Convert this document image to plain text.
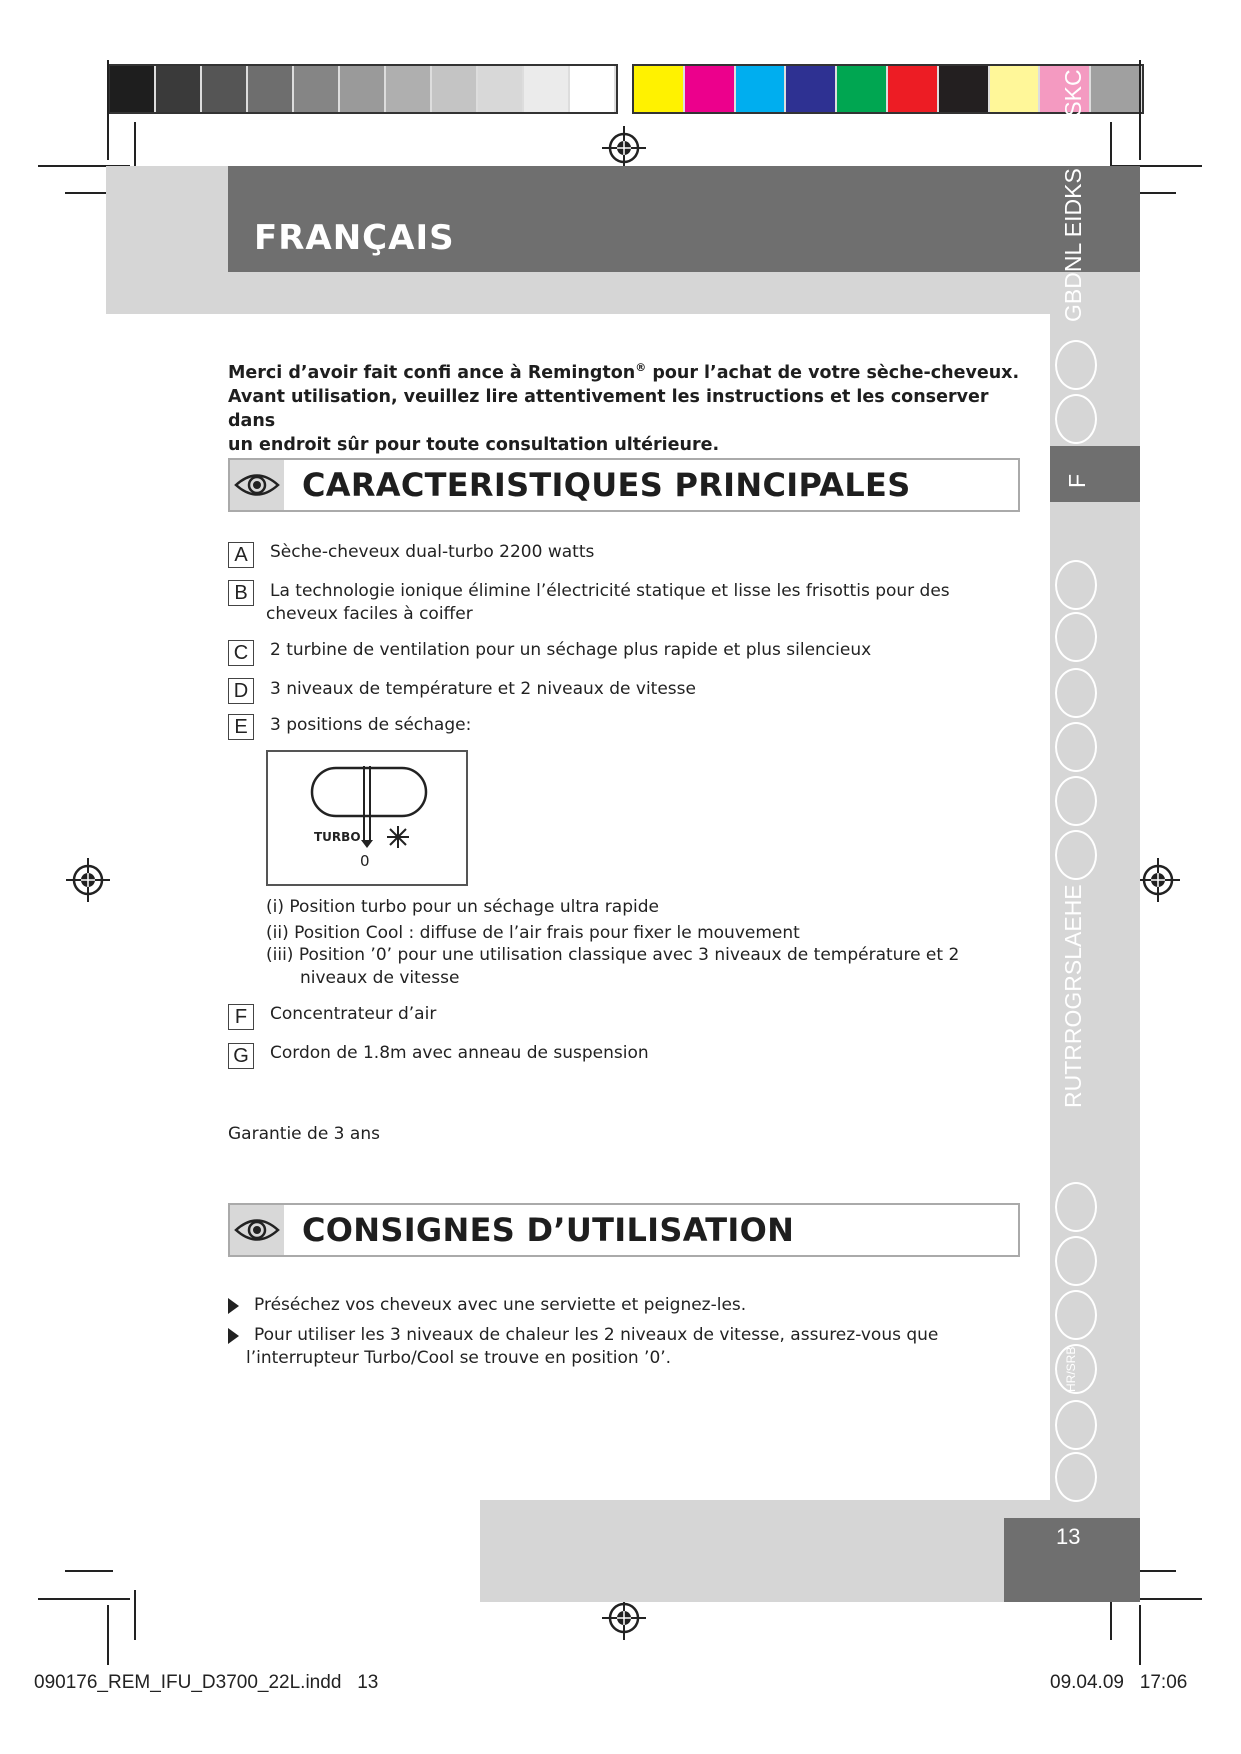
FRANÇAIS	GBDNL EIDKS
PSKC
F
RUTRROGRSLAEHE
HR/SRB
13
Merci d’avoir fait confi ance à Remington® pour l’achat de votre sèche-cheveux.
Avant utilisation, veuillez lire attentivement les instructions et les conserver dans
un endroit sûr pour toute consultation ultérieure.
CARACTERISTIQUES PRINCIPALES
A	Sèche-cheveux dual-turbo 2200 watts
B	La technologie ionique élimine l’électricité statique et lisse les frisottis pour des
cheveux faciles à coiffer
C	2 turbine de ventilation pour un séchage plus rapide et plus silencieux
D	3 niveaux de température et 2 niveaux de vitesse
E	3 positions de séchage:
TURBO
0
(i) Position turbo pour un séchage ultra rapide
(ii) Position Cool : diffuse de l’air frais pour fixer le mouvement
(iii) Position ’0’ pour une utilisation classique avec 3 niveaux de température et 2
niveaux de vitesse
F	Concentrateur d’air
G	Cordon de 1.8m avec anneau de suspension
Garantie de 3 ans
CONSIGNES D’UTILISATION
Préséchez vos cheveux avec une serviette et peignez-les.
Pour utiliser les 3 niveaux de chaleur les 2 niveaux de vitesse, assurez-vous que
l’interrupteur Turbo/Cool se trouve en position ’0’.
090176_REM_IFU_D3700_22L.indd   13	09.04.09   17:06
